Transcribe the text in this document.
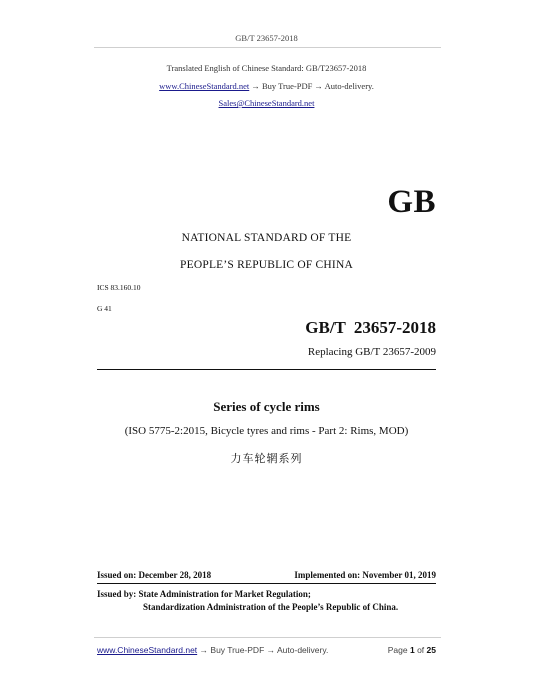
GB/T 23657-2018
Translated English of Chinese Standard: GB/T23657-2018
www.ChineseStandard.net → Buy True-PDF → Auto-delivery.
Sales@ChineseStandard.net
GB
NATIONAL STANDARD OF THE
PEOPLE’S REPUBLIC OF CHINA
ICS 83.160.10
G 41
GB/T 23657-2018
Replacing GB/T 23657-2009
Series of cycle rims
(ISO 5775-2:2015, Bicycle tyres and rims - Part 2: Rims, MOD)
力车轮辋系列
Issued on: December 28, 2018	Implemented on: November 01, 2019
Issued by: State Administration for Market Regulation;
Standardization Administration of the People’s Republic of China.
www.ChineseStandard.net → Buy True-PDF → Auto-delivery.	Page 1 of 25
